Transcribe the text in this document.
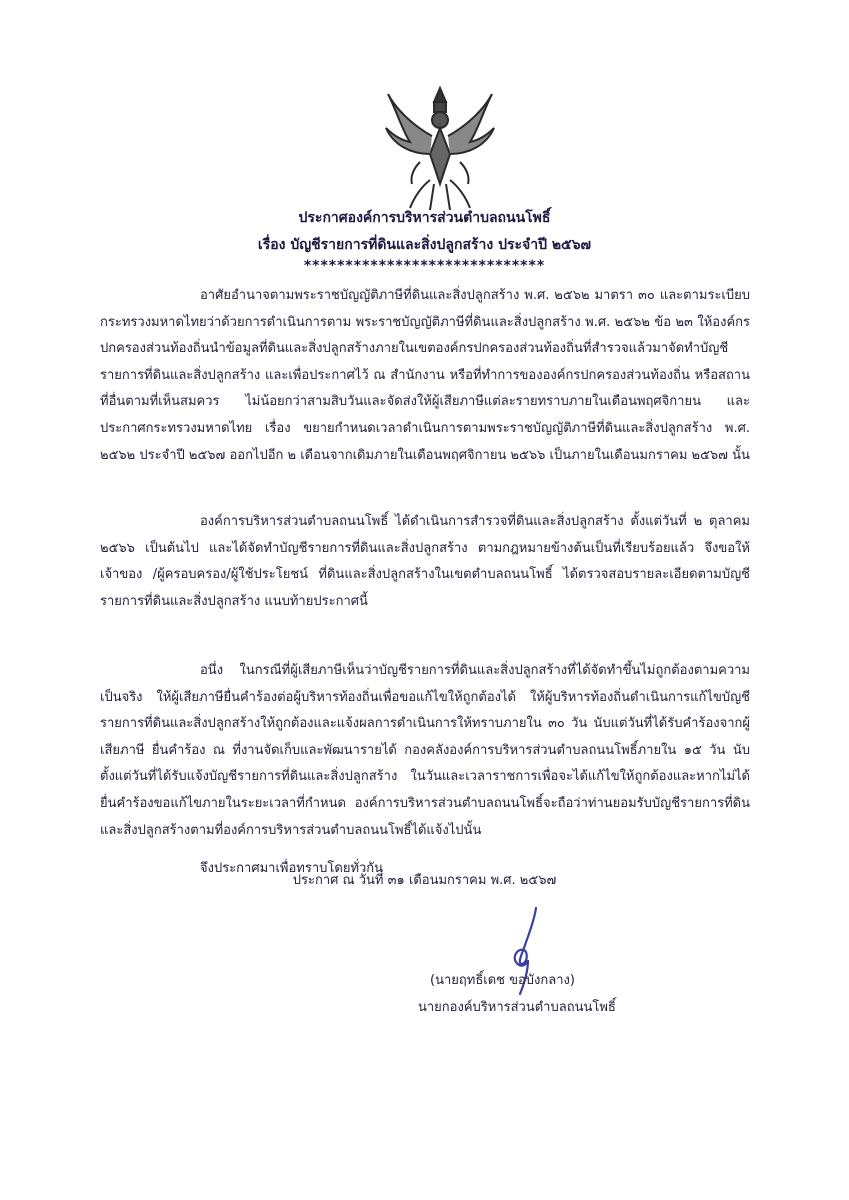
ประกาศองค์การบริหารส่วนตำบลถนนโพธิ์
เรื่อง บัญชีรายการที่ดินและสิ่งปลูกสร้าง ประจำปี ๒๕๖๗
*****************************

อาศัยอำนาจตามพระราชบัญญัติภาษีที่ดินและสิ่งปลูกสร้าง พ.ศ. ๒๕๖๒ มาตรา ๓๐ และตามระเบียบกระทรวงมหาดไทยว่าด้วยการดำเนินการตาม พระราชบัญญัติภาษีที่ดินและสิ่งปลูกสร้าง พ.ศ. ๒๕๖๒ ข้อ ๒๓ ให้องค์กรปกครองส่วนท้องถิ่นนำข้อมูลที่ดินและสิ่งปลูกสร้างภายในเขตองค์กรปกครองส่วนท้องถิ่นที่สำรวจแล้วมาจัดทำบัญชีรายการที่ดินและสิ่งปลูกสร้าง และเพื่อประกาศไว้ ณ สำนักงาน หรือที่ทำการขององค์กรปกครองส่วนท้องถิ่น หรือสถานที่อื่นตามที่เห็นสมควร ไม่น้อยกว่าสามสิบวันและจัดส่งให้ผู้เสียภาษีแต่ละรายทราบภายในเดือนพฤศจิกายน และประกาศกระทรวงมหาดไทย เรื่อง ขยายกำหนดเวลาดำเนินการตามพระราชบัญญัติภาษีที่ดินและสิ่งปลูกสร้าง พ.ศ. ๒๕๖๒ ประจำปี ๒๕๖๗ ออกไปอีก ๒ เดือนจากเดิมภายในเดือนพฤศจิกายน ๒๕๖๖ เป็นภายในเดือนมกราคม ๒๕๖๗ นั้น

องค์การบริหารส่วนตำบลถนนโพธิ์ ได้ดำเนินการสำรวจที่ดินและสิ่งปลูกสร้าง ตั้งแต่วันที่ ๒ ตุลาคม ๒๕๖๖ เป็นต้นไป และได้จัดทำบัญชีรายการที่ดินและสิ่งปลูกสร้าง ตามกฎหมายข้างต้นเป็นที่เรียบร้อยแล้ว จึงขอให้เจ้าของ /ผู้ครอบครอง/ผู้ใช้ประโยชน์ ที่ดินและสิ่งปลูกสร้างในเขตตำบลถนนโพธิ์ ได้ตรวจสอบรายละเอียดตามบัญชีรายการที่ดินและสิ่งปลูกสร้าง แนบท้ายประกาศนี้

อนึ่ง ในกรณีที่ผู้เสียภาษีเห็นว่าบัญชีรายการที่ดินและสิ่งปลูกสร้างที่ได้จัดทำขึ้นไม่ถูกต้องตามความเป็นจริง ให้ผู้เสียภาษียื่นคำร้องต่อผู้บริหารท้องถิ่นเพื่อขอแก้ไขให้ถูกต้องได้ ให้ผู้บริหารท้องถิ่นดำเนินการแก้ไขบัญชีรายการที่ดินและสิ่งปลูกสร้างให้ถูกต้องและแจ้งผลการดำเนินการให้ทราบภายใน ๓๐ วัน นับแต่วันที่ได้รับคำร้องจากผู้เสียภาษี ยื่นคำร้อง ณ ที่งานจัดเก็บและพัฒนารายได้ กองคลังองค์การบริหารส่วนตำบลถนนโพธิ์ภายใน ๑๕ วัน นับตั้งแต่วันที่ได้รับแจ้งบัญชีรายการที่ดินและสิ่งปลูกสร้าง ในวันและเวลาราชการเพื่อจะได้แก้ไขให้ถูกต้องและหากไม่ได้ยื่นคำร้องขอแก้ไขภายในระยะเวลาที่กำหนด องค์การบริหารส่วนตำบลถนนโพธิ์จะถือว่าท่านยอมรับบัญชีรายการที่ดินและสิ่งปลูกสร้างตามที่องค์การบริหารส่วนตำบลถนนโพธิ์ได้แจ้งไปนั้น

จึงประกาศมาเพื่อทราบโดยทั่วกัน
ประกาศ ณ วันที่ ๓๑ เดือนมกราคม พ.ศ. ๒๕๖๗
(นายฤทธิ์เดช ขอบังกลาง)
นายกองค์บริหารส่วนตำบลถนนโพธิ์
